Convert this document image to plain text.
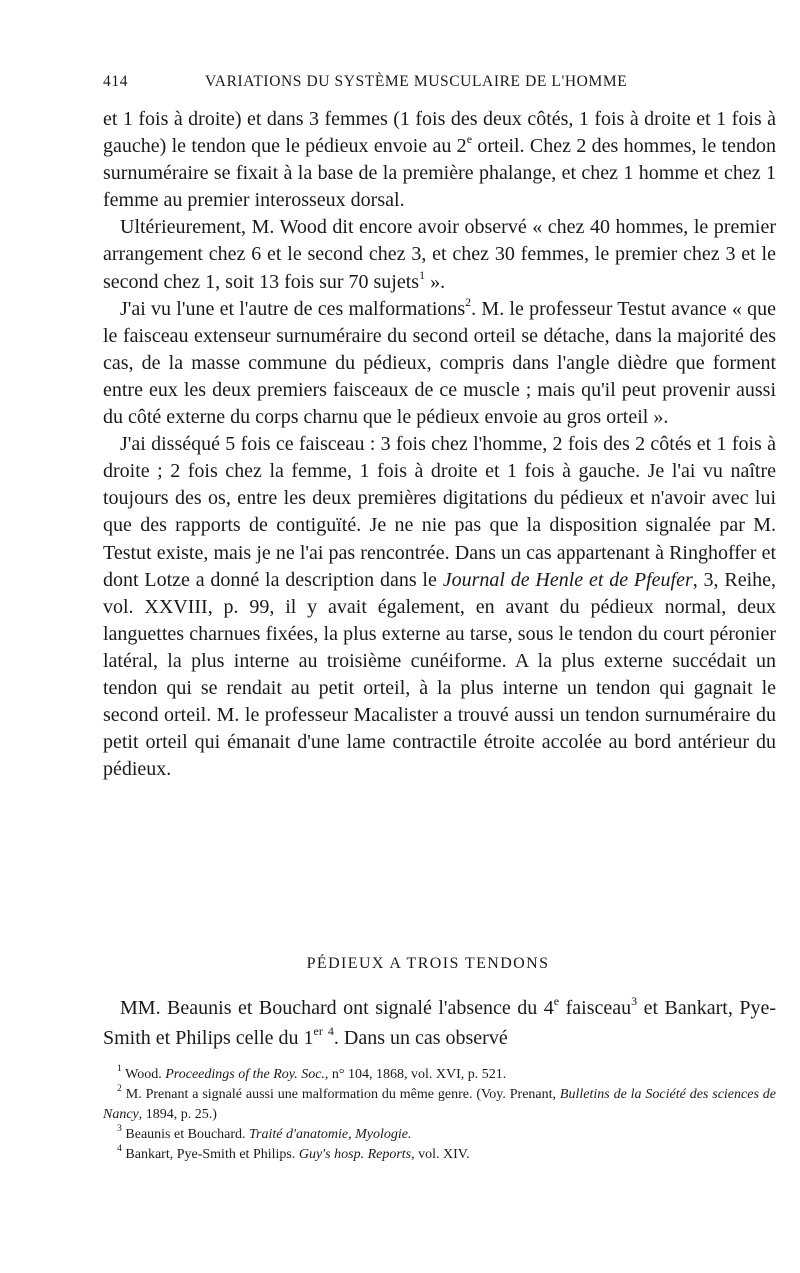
414	VARIATIONS DU SYSTÈME MUSCULAIRE DE L'HOMME

et 1 fois à droite) et dans 3 femmes (1 fois des deux côtés, 1 fois à droite et 1 fois à gauche) le tendon que le pédieux envoie au 2e orteil. Chez 2 des hommes, le tendon surnuméraire se fixait à la base de la première phalange, et chez 1 homme et chez 1 femme au premier interosseux dorsal.

Ultérieurement, M. Wood dit encore avoir observé « chez 40 hommes, le premier arrangement chez 6 et le second chez 3, et chez 30 femmes, le premier chez 3 et le second chez 1, soit 13 fois sur 70 sujets$^1$ ».

J'ai vu l'une et l'autre de ces malformations$^2$. M. le professeur Testut avance « que le faisceau extenseur surnuméraire du second orteil se détache, dans la majorité des cas, de la masse commune du pédieux, compris dans l'angle dièdre que forment entre eux les deux premiers faisceaux de ce muscle ; mais qu'il peut provenir aussi du côté externe du corps charnu que le pédieux envoie au gros orteil ».

J'ai disséqué 5 fois ce faisceau : 3 fois chez l'homme, 2 fois des 2 côtés et 1 fois à droite ; 2 fois chez la femme, 1 fois à droite et 1 fois à gauche. Je l'ai vu naître toujours des os, entre les deux premières digitations du pédieux et n'avoir avec lui que des rapports de contiguïté. Je ne nie pas que la disposition signalée par M. Testut existe, mais je ne l'ai pas rencontrée. Dans un cas appartenant à Ringhoffer et dont Lotze a donné la description dans le Journal de Henle et de Pfeufer, 3, Reihe, vol. XXVIII, p. 99, il y avait également, en avant du pédieux normal, deux languettes charnues fixées, la plus externe au tarse, sous le tendon du court péronier latéral, la plus interne au troisième cunéiforme. A la plus externe succédait un tendon qui se rendait au petit orteil, à la plus interne un tendon qui gagnait le second orteil. M. le professeur Macalister a trouvé aussi un tendon surnuméraire du petit orteil qui émanait d'une lame contractile étroite accolée au bord antérieur du pédieux.

PÉDIEUX A TROIS TENDONS

MM. Beaunis et Bouchard ont signalé l'absence du 4e faisceau$^3$ et Bankart, Pye-Smith et Philips celle du 1er $^4$. Dans un cas observé

$^1$ Wood. Proceedings of the Roy. Soc., n° 104, 1868, vol. XVI, p. 521.
$^2$ M. Prenant a signalé aussi une malformation du même genre. (Voy. Prenant, Bulletins de la Société des sciences de Nancy, 1894, p. 25.)
$^3$ Beaunis et Bouchard. Traité d'anatomie, Myologie.
$^4$ Bankart, Pye-Smith et Philips. Guy's hosp. Reports, vol. XIV.
